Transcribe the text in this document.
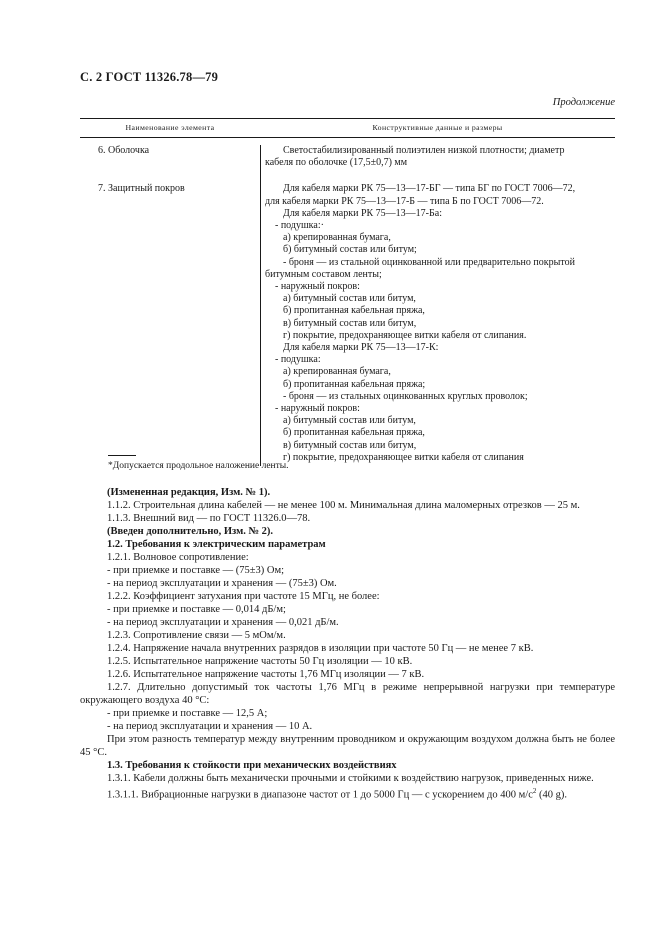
С. 2 ГОСТ 11326.78—79
Продолжение
Наименование элемента	Конструктивные данные и размеры
6. Оболочка	Светостабилизированный полиэтилен низкой плотности; диаметр
кабеля по оболочке (17,5±0,7) мм
7. Защитный покров	Для кабеля марки РК 75—13—17-БГ — типа БГ по ГОСТ 7006—72,
для кабеля марки РК 75—13—17-Б — типа Б по ГОСТ 7006—72.
Для кабеля марки РК 75—13—17-Ба:
- подушка:·
а) крепированная бумага,
б) битумный состав или битум;
- броня — из стальной оцинкованной или предварительно покрытой
битумным составом ленты;
- наружный покров:
а) битумный состав или битум,
б) пропитанная кабельная пряжа,
в) битумный состав или битум,
г) покрытие, предохраняющее витки кабеля от слипания.
Для кабеля марки РК 75—13—17-К:
- подушка:
а) крепированная бумага,
б) пропитанная кабельная пряжа;
- броня — из стальных оцинкованных круглых проволок;
- наружный покров:
а) битумный состав или битум,
б) пропитанная кабельная пряжа,
в) битумный состав или битум,
г) покрытие, предохраняющее витки кабеля от слипания
*Допускается продольное наложение ленты.

(Измененная редакция, Изм. № 1).

1.1.2. Строительная длина кабелей — не менее 100 м. Минимальная длина маломерных отрезков — 25 м.

1.1.3. Внешний вид — по ГОСТ 11326.0—78.

(Введен дополнительно, Изм. № 2).

1.2. Требования к электрическим параметрам

1.2.1. Волновое сопротивление:

- при приемке и поставке — (75±3) Ом;

- на период эксплуатации и хранения — (75±3) Ом.

1.2.2. Коэффициент затухания при частоте 15 МГц, не более:

- при приемке и поставке — 0,014 дБ/м;

- на период эксплуатации и хранения — 0,021 дБ/м.

1.2.3. Сопротивление связи — 5 мОм/м.

1.2.4. Напряжение начала внутренних разрядов в изоляции при частоте 50 Гц — не менее 7 кВ.

1.2.5. Испытательное напряжение частоты 50 Гц изоляции — 10 кВ.

1.2.6. Испытательное напряжение частоты 1,76 МГц изоляции — 7 кВ.

1.2.7. Длительно допустимый ток частоты 1,76 МГц в режиме непрерывной нагрузки при температуре окружающего воздуха 40 °С:

- при приемке и поставке — 12,5 А;

- на период эксплуатации и хранения — 10 А.

При этом разность температур между внутренним проводником и окружающим воздухом должна быть не более 45 °С.

1.3. Требования к стойкости при механических воздействиях

1.3.1. Кабели должны быть механически прочными и стойкими к воздействию нагрузок, приведенных ниже.

1.3.1.1. Вибрационные нагрузки в диапазоне частот от 1 до 5000 Гц — с ускорением до 400 $м/с^2$ (40 g).
